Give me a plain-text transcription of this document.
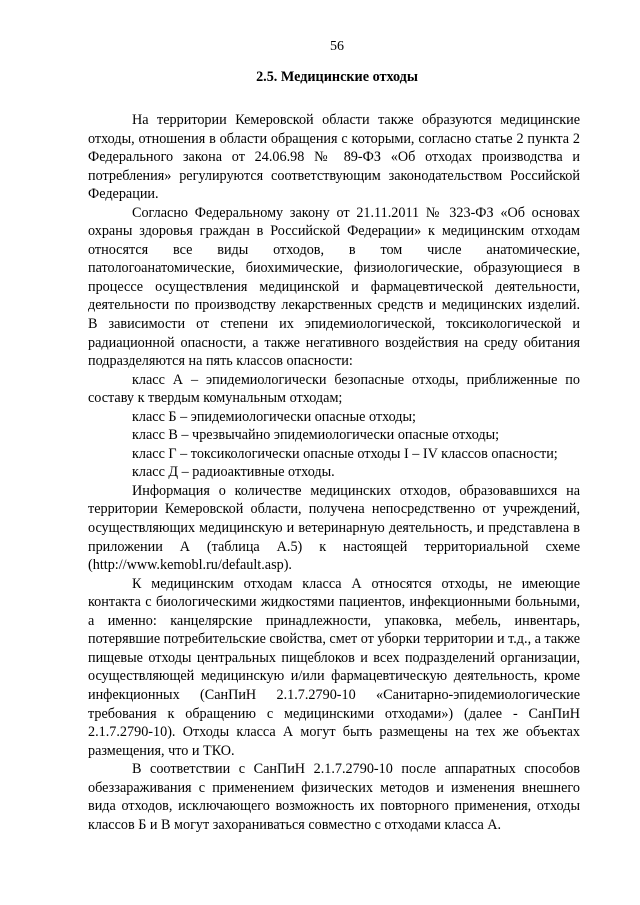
56
2.5. Медицинские отходы

На территории Кемеровской области также образуются медицинские отходы, отношения в области обращения с которыми, согласно статье 2 пункта 2 Федерального закона от 24.06.98 № 89-ФЗ «Об отходах производства и потребления» регулируются соответствующим законодательством Российской Федерации.

Согласно Федеральному закону от 21.11.2011 № 323-ФЗ «Об основах охраны здоровья граждан в Российской Федерации» к медицинским отходам относятся все виды отходов, в том числе анатомические, патологоанатомические, биохимические, физиологические, образующиеся в процессе осуществления медицинской и фармацевтической деятельности, деятельности по производству лекарственных средств и медицинских изделий. В зависимости от степени их эпидемиологической, токсикологической и радиационной опасности, а также негативного воздействия на среду обитания подразделяются на пять классов опасности:

класс А – эпидемиологически безопасные отходы, приближенные по составу к твердым комунальным отходам;

класс Б – эпидемиологически опасные отходы;

класс В – чрезвычайно эпидемиологически опасные отходы;

класс Г – токсикологически опасные отходы I – IV классов опасности;

класс Д – радиоактивные отходы.

Информация о количестве медицинских отходов, образовавшихся на территории Кемеровской области, получена непосредственно от учреждений, осуществляющих медицинскую и ветеринарную деятельность, и представлена в приложении А (таблица А.5) к настоящей территориальной схеме (http://www.kemobl.ru/default.asp).

К медицинским отходам класса А относятся отходы, не имеющие контакта с биологическими жидкостями пациентов, инфекционными больными, а именно: канцелярские принадлежности, упаковка, мебель, инвентарь, потерявшие потребительские свойства, смет от уборки территории и т.д., а также пищевые отходы центральных пищеблоков и всех подразделений организации, осуществляющей медицинскую и/или фармацевтическую деятельность, кроме инфекционных (СанПиН 2.1.7.2790-10 «Санитарно-эпидемиологические требования к обращению с медицинскими отходами») (далее - СанПиН 2.1.7.2790-10). Отходы класса А могут быть размещены на тех же объектах размещения, что и ТКО.

В соответствии с СанПиН 2.1.7.2790-10 после аппаратных способов обеззараживания с применением физических методов и изменения внешнего вида отходов, исключающего возможность их повторного применения, отходы классов Б и В могут захораниваться совместно с отходами класса А.
